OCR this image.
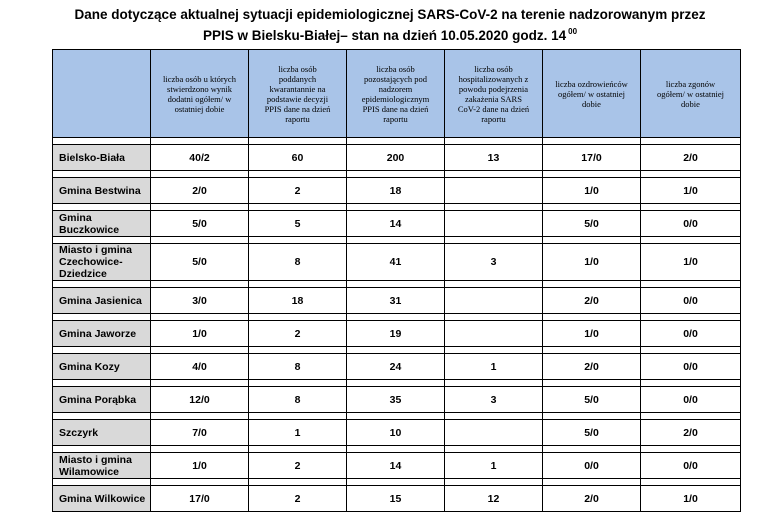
Dane dotyczące aktualnej sytuacji epidemiologicznej SARS-CoV-2 na terenie nadzorowanym przez
PPIS w Bielsku-Białej– stan na dzień 10.05.2020 godz. 14 $^{00}$

	liczba osób u których stwierdzono wynik dodatni ogółem/ w ostatniej dobie	liczba osób poddanych kwarantannie na podstawie decyzji PPIS dane na dzień raportu	liczba osób pozostających pod nadzorem epidemiologicznym PPIS dane na dzień raportu	liczba osób hospitalizowanych z powodu podejrzenia zakażenia SARS CoV-2 dane na dzień raportu	liczba ozdrowieńców ogółem/ w ostatniej dobie	liczba zgonów ogółem/ w ostatniej dobie

Bielsko-Biała	40/2	60	200	13	17/0	2/0

Gmina Bestwina	2/0	2	18		1/0	1/0

Gmina Buczkowice	5/0	5	14		5/0	0/0

Miasto i gmina Czechowice-Dziedzice	5/0	8	41	3	1/0	1/0

Gmina Jasienica	3/0	18	31		2/0	0/0

Gmina Jaworze	1/0	2	19		1/0	0/0

Gmina Kozy	4/0	8	24	1	2/0	0/0

Gmina Porąbka	12/0	8	35	3	5/0	0/0

Szczyrk	7/0	1	10		5/0	2/0

Miasto i gmina Wilamowice	1/0	2	14	1	0/0	0/0

Gmina Wilkowice	17/0	2	15	12	2/0	1/0
